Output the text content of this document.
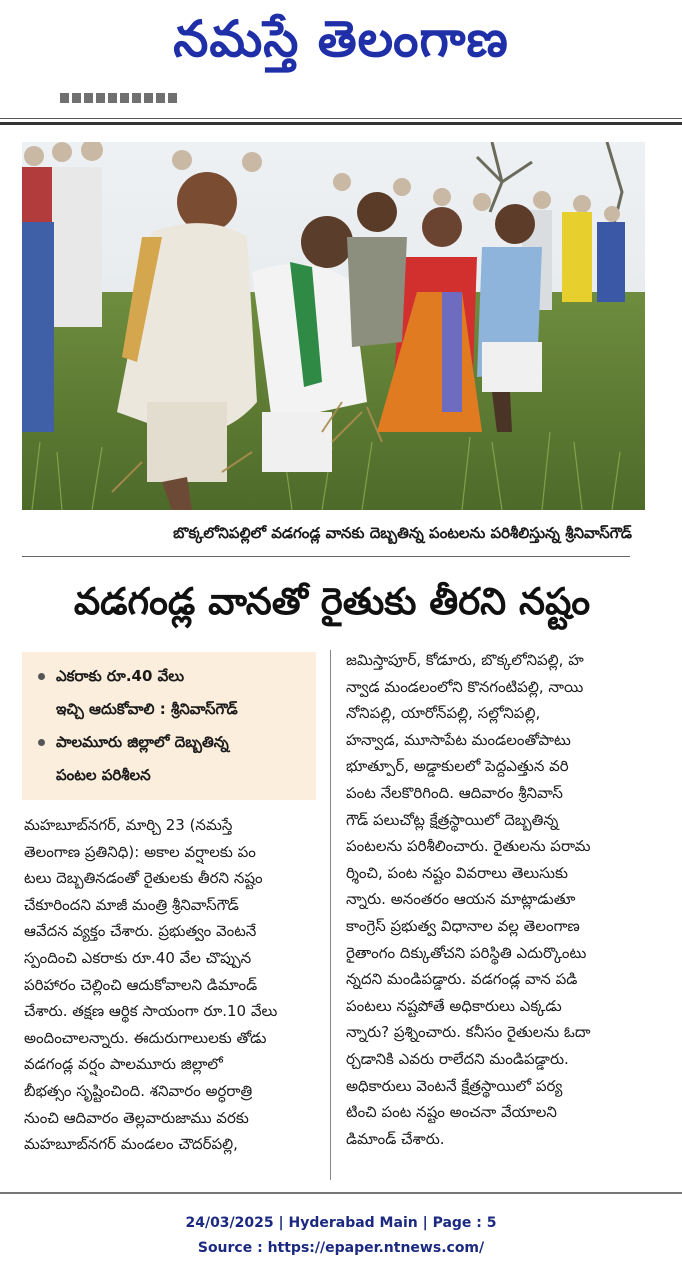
నమస్తే తెలంగాణ
బొక్కలోనిపల్లిలో వడగండ్ల వానకు దెబ్బతిన్న పంటలను పరిశీలిస్తున్న శ్రీనివాస్‌గౌడ్
వడగండ్ల వానతో రైతుకు తీరని నష్టం
ఎకరాకు రూ.40 వేలు
ఇచ్చి ఆదుకోవాలి : శ్రీనివాస్‌గౌడ్
పాలమూరు జిల్లాలో దెబ్బతిన్న
పంటల పరిశీలన
మహబూబ్‌నగర్, మార్చి 23 (నమస్తే
తెలంగాణ ప్రతినిధి): అకాల వర్షాలకు పం
టలు దెబ్బతినడంతో రైతులకు తీరని నష్టం
చేకూరిందని మాజీ మంత్రి శ్రీనివాస్‌గౌడ్
ఆవేదన వ్యక్తం చేశారు. ప్రభుత్వం వెంటనే
స్పందించి ఎకరాకు రూ.40 వేల చొప్పున
పరిహారం చెల్లించి ఆదుకోవాలని డిమాండ్
చేశారు. తక్షణ ఆర్థిక సాయంగా రూ.10 వేలు
అందించాలన్నారు. ఈదురుగాలులకు తోడు
వడగండ్ల వర్షం పాలమూరు జిల్లాలో
బీభత్సం సృష్టించింది. శనివారం అర్ధరాత్రి
నుంచి ఆదివారం తెల్లవారుజాము వరకు
మహబూబ్‌నగర్ మండలం చౌదర్‌పల్లి,
జమిస్తాపూర్, కోడూరు, బొక్కలోనిపల్లి, హ
న్వాడ మండలంలోని కొనగంటిపల్లి, నాయి
నోనిపల్లి, యారోన్‌పల్లి, సల్లోనిపల్లి,
హన్వాడ, మూసాపేట మండలంతోపాటు
భూత్పూర్, అడ్డాకులలో పెద్దఎత్తున వరి
పంట నేలకొరిగింది. ఆదివారం శ్రీనివాస్
గౌడ్ పలుచోట్ల క్షేత్రస్థాయిలో దెబ్బతిన్న
పంటలను పరిశీలించారు. రైతులను పరామ
ర్శించి, పంట నష్టం వివరాలు తెలుసుకు
న్నారు. అనంతరం ఆయన మాట్లాడుతూ
కాంగ్రెస్ ప్రభుత్వ విధానాల వల్ల తెలంగాణ
రైతాంగం దిక్కుతోచని పరిస్థితి ఎదుర్కొంటు
న్నదని మండిపడ్డారు. వడగండ్ల వాన పడి
పంటలు నష్టపోతే అధికారులు ఎక్కడు
న్నారు? ప్రశ్నించారు. కనీసం రైతులను ఓదా
ర్చడానికి ఎవరు రాలేదని మండిపడ్డారు.
అధికారులు వెంటనే క్షేత్రస్థాయిలో పర్య
టించి పంట నష్టం అంచనా వేయాలని
డిమాండ్ చేశారు.
24/03/2025 | Hyderabad Main | Page : 5
Source : https://epaper.ntnews.com/
